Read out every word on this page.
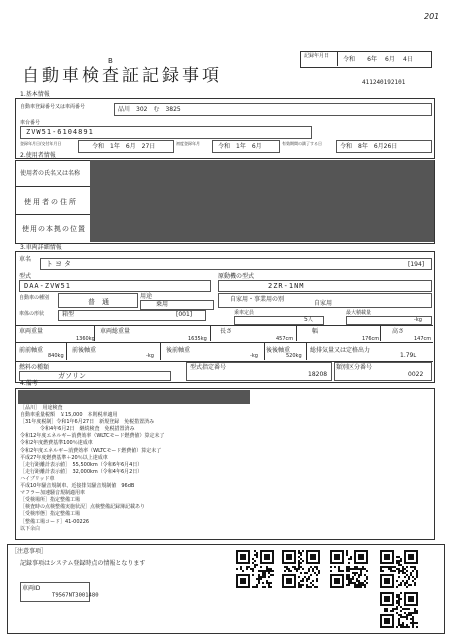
201
B
記録年月日 令和 6年 6月 4日
自動車検査証記録事項	411240192101
1.基本情報
自動車登録番号又は車両番号	品川　302　む　3825
車台番号
ZVW51-6104891
登録年月日/交付年月日	令和　1年　6月　27日	初度登録年月	令和　1年　6月	有効期間の満了する日	令和　8年　6月26日
2.使用者情報
使用者の氏名又は名称
使用者の住所
使用の本拠の位置
3.車両詳細情報
車名
トヨタ	[194]
型式
DAA-ZVW51
原動機の型式
2ZR-1NM
自動車の種別	普　通
用途
乗用
自家用・事業用の別
自家用
車体の形状	箱型	[001]	乗車定員
5人
最大積載量
-kg
車両重量
1360kg
車両総重量
1635kg
長さ
457cm
幅
176cm
高さ
147cm
前前軸重
840kg
前後軸重
-kg
後前軸重
-kg
後後軸重
520kg
総排気量又は定格出力
1.79L
燃料の種類
ガソリン
型式指定番号
18208
類別区分番号
0022
4.備考
［品川］　用途検査
自動車重量税額　￥15,000　本則税率適用
［31年度税制］令和1年6月27日　新規登録　免税措置済み
　　　　令和4年6月2日　継続検査　免税措置済み
令和12年度エネルギー消費効率（WLTCモード燃費値）算定未了
令和2年度燃費基準100％達成車
令和2年度エネルギー消費効率（WLTCモード燃費値）算定未了
平成27年度燃費基準＋20％以上達成車
［走行距離計表示値］　55,500km（令和6年6月4日）
［走行距離計表示値］　32,000km（令和4年6月2日）
ハイブリッド車
平成10年騒音規制車、近接排気騒音規制値　96dB
マフラー加速騒音規制適用車
［受検場所］指定整備工場
［検査時の点検整備実施状況］点検整備記録簿記載あり
［受検形態］指定整備工場
［整備工場コード］41-00226
以下余白
［注意事項］
記録事項はシステム登録時点の情報となります
車両ID
T9567NT3001480
